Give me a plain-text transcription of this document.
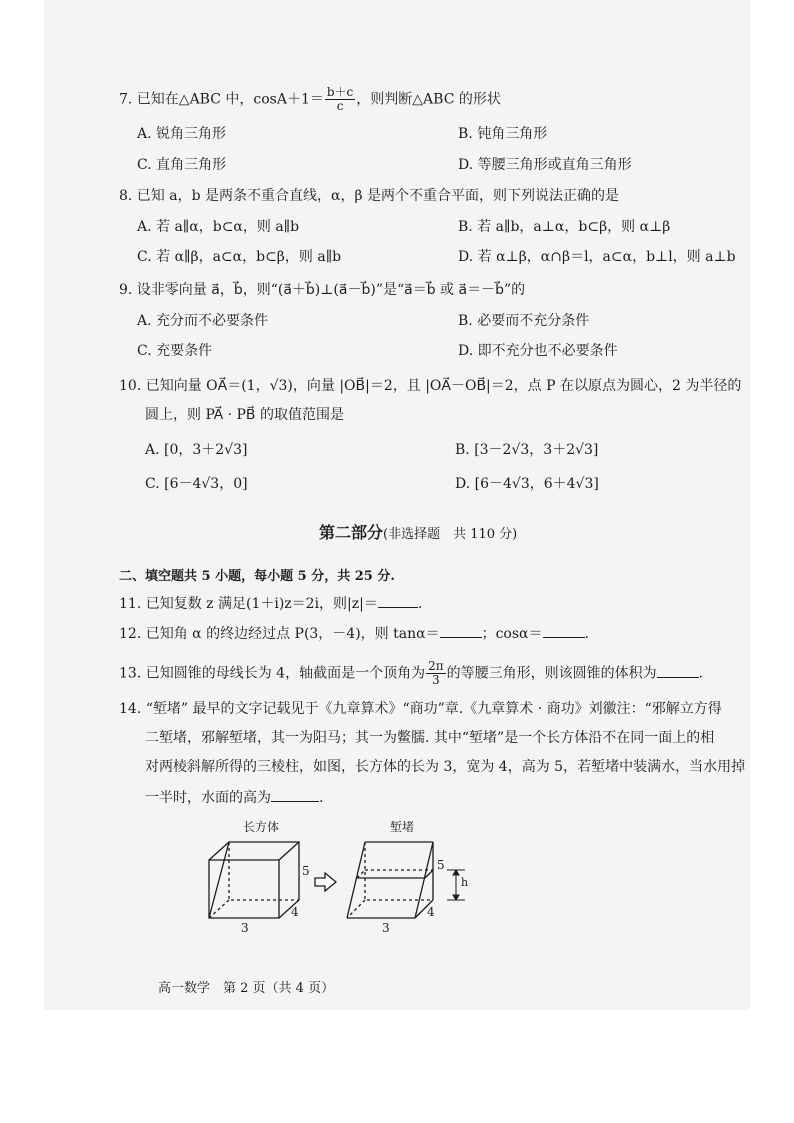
7. 已知在△ABC 中，$\cos A+1= \frac{b+c}{c}$ ，则判断△ABC 的形状
A. 锐角三角形	B. 钝角三角形
C. 直角三角形	D. 等腰三角形或直角三角形
8. 已知 a，b 是两条不重合直线，α，β 是两个不重合平面，则下列说法正确的是
A. 若 a∥α，b⊂α，则 a∥b	B. 若 a∥b，a⊥α，b⊂β，则 α⊥β
C. 若 α∥β，a⊂α，b⊂β，则 a∥b	D. 若 α⊥β，α∩β＝l，a⊂α，b⊥l，则 a⊥b
9. 设非零向量 a⃗，b⃗，则“(a⃗＋b⃗)⊥(a⃗－b⃗)”是“a⃗＝b⃗ 或 a⃗＝－b⃗”的
A. 充分而不必要条件	B. 必要而不充分条件
C. 充要条件	D. 即不充分也不必要条件
10. 已知向量 OA⃗＝(1，√3)，向量 |OB⃗|＝2，且 |OA⃗－OB⃗|＝2，点 P 在以原点为圆心，2 为半径的
圆上，则 PA⃗ · PB⃗ 的取值范围是
A. [0，3＋2√3]	B. [3－2√3，3＋2√3]
C. [6－4√3，0]	D. [6－4√3，6＋4√3]
第二部分(非选择题　共 110 分)
二、填空题共 5 小题，每小题 5 分，共 25 分.
11. 已知复数 z 满足(1＋i)z＝2i，则|z|＝	.
12. 已知角 α 的终边经过点 P(3，－4)，则 tanα＝	；cosα＝	.
13. 已知圆锥的母线长为 4，轴截面是一个顶角为 $\frac{2\pi}{3}$ 的等腰三角形，则该圆锥的体积为	.
14. “堑堵” 最早的文字记载见于《九章算术》“商功”章.《九章算术 · 商功》刘徽注：“邪解立方得
二堑堵，邪解堑堵，其一为阳马；其一为鳖臑. 其中“堑堵”是一个长方体沿不在同一面上的相
对两棱斜解所得的三棱柱，如图，长方体的长为 3，宽为 4，高为 5，若堑堵中装满水，当水用掉
一半时，水面的高为	.
长方体	堑堵
5
4
3
5
4
3
h
高一数学　第 2 页（共 4 页）
